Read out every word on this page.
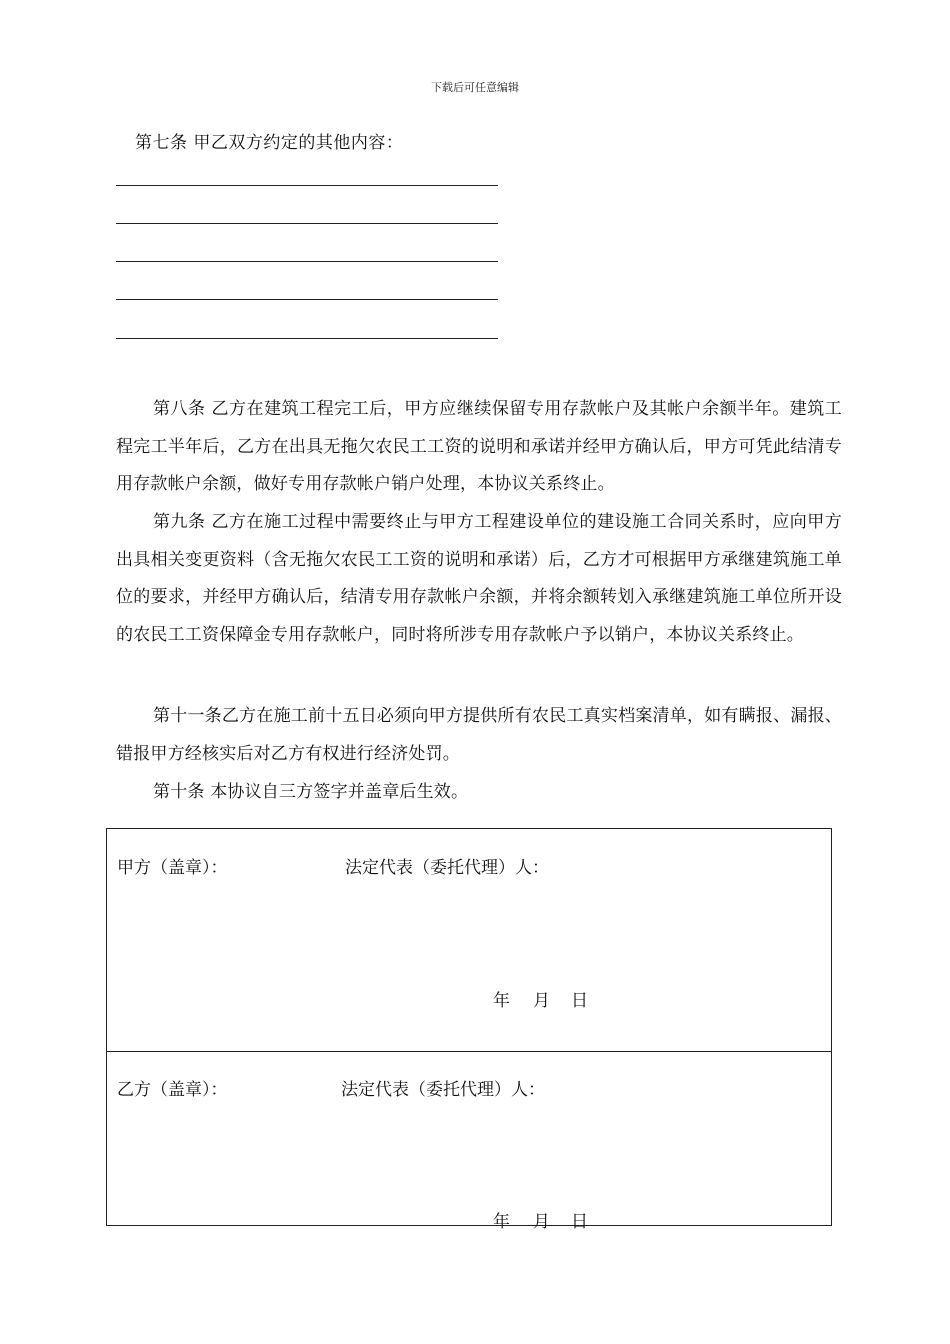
下载后可任意编辑
第七条 甲乙双方约定的其他内容：
第八条 乙方在建筑工程完工后，甲方应继续保留专用存款帐户及其帐户余额半年。建筑工程完工半年后，乙方在出具无拖欠农民工工资的说明和承诺并经甲方确认后，甲方可凭此结清专用存款帐户余额，做好专用存款帐户销户处理，本协议关系终止。
第九条 乙方在施工过程中需要终止与甲方工程建设单位的建设施工合同关系时，应向甲方出具相关变更资料（含无拖欠农民工工资的说明和承诺）后，乙方才可根据甲方承继建筑施工单位的要求，并经甲方确认后，结清专用存款帐户余额，并将余额转划入承继建筑施工单位所开设的农民工工资保障金专用存款帐户，同时将所涉专用存款帐户予以销户，本协议关系终止。
第十一条乙方在施工前十五日必须向甲方提供所有农民工真实档案清单，如有瞒报、漏报、错报甲方经核实后对乙方有权进行经济处罚。
第十条 本协议自三方签字并盖章后生效。
甲方（盖章）：	法定代表（委托代理）人：
年 月 日
乙方（盖章）：	法定代表（委托代理）人：
年 月 日
